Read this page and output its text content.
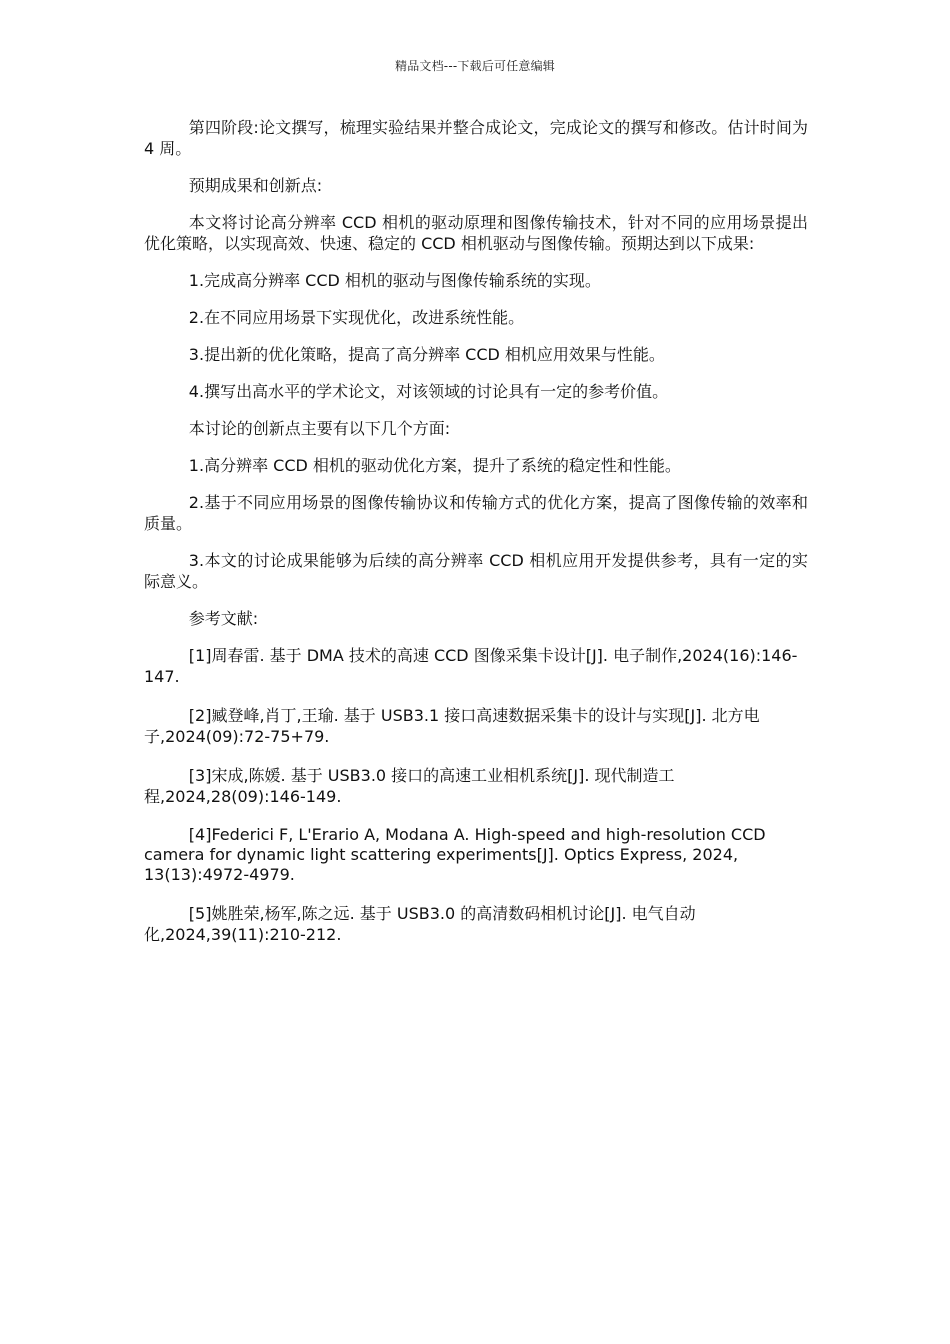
精品文档---下载后可任意编辑

第四阶段:论文撰写，梳理实验结果并整合成论文，完成论文的撰写和修改。估计时间为 4 周。

预期成果和创新点:

本文将讨论高分辨率 CCD 相机的驱动原理和图像传输技术，针对不同的应用场景提出优化策略，以实现高效、快速、稳定的 CCD 相机驱动与图像传输。预期达到以下成果:

1.完成高分辨率 CCD 相机的驱动与图像传输系统的实现。

2.在不同应用场景下实现优化，改进系统性能。

3.提出新的优化策略，提高了高分辨率 CCD 相机应用效果与性能。

4.撰写出高水平的学术论文，对该领域的讨论具有一定的参考价值。

本讨论的创新点主要有以下几个方面:

1.高分辨率 CCD 相机的驱动优化方案，提升了系统的稳定性和性能。

2.基于不同应用场景的图像传输协议和传输方式的优化方案，提高了图像传输的效率和质量。

3.本文的讨论成果能够为后续的高分辨率 CCD 相机应用开发提供参考，具有一定的实际意义。

参考文献:

[1]周春雷. 基于 DMA 技术的高速 CCD 图像采集卡设计[J]. 电子制作,2024(16):146-147.

[2]臧登峰,肖丁,王瑜. 基于 USB3.1 接口高速数据采集卡的设计与实现[J]. 北方电子,2024(09):72-75+79.

[3]宋成,陈媛. 基于 USB3.0 接口的高速工业相机系统[J]. 现代制造工程,2024,28(09):146-149.

[4]Federici F, L'Erario A, Modana A. High-speed and high-resolution CCD camera for dynamic light scattering experiments[J]. Optics Express, 2024, 13(13):4972-4979.

[5]姚胜荣,杨军,陈之远. 基于 USB3.0 的高清数码相机讨论[J]. 电气自动化,2024,39(11):210-212.
